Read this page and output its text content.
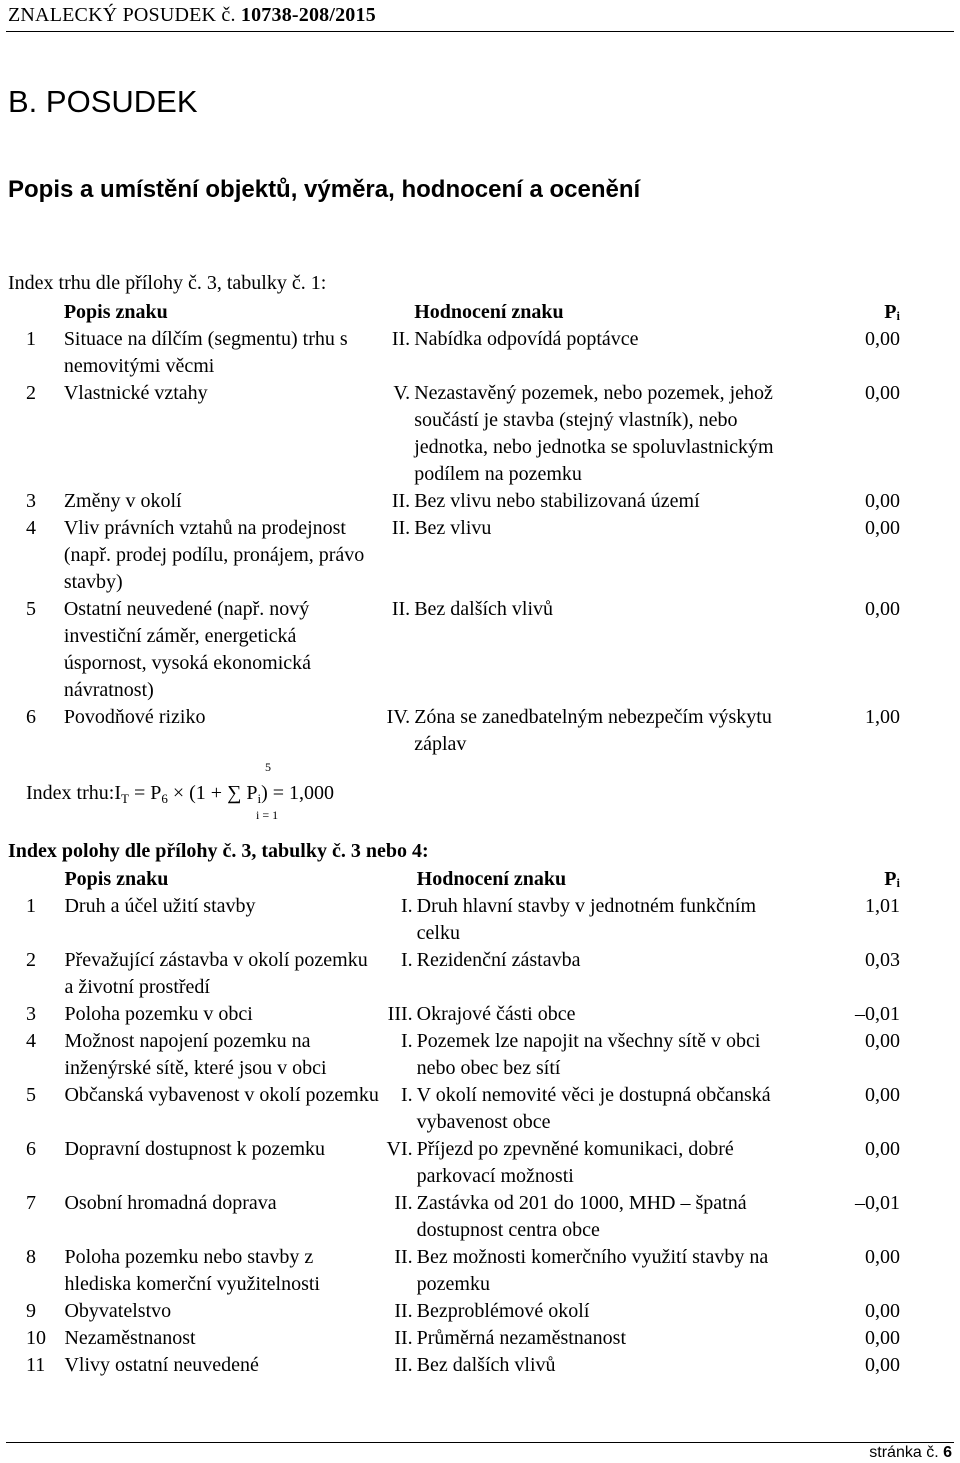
ZNALECKÝ POSUDEK č. 10738-208/2015
B. POSUDEK
Popis a umístění objektů, výměra, hodnocení a ocenění
Index trhu dle přílohy č. 3, tabulky č. 1:
	Popis znaku		Hodnocení znaku	Pᵢ
1	Situace na dílčím (segmentu) trhu s nemovitými věcmi	II.	Nabídka odpovídá poptávce	0,00
2	Vlastnické vztahy	V.	Nezastavěný pozemek, nebo pozemek, jehož součástí je stavba (stejný vlastník), nebo jednotka, nebo jednotka se spoluvlastnickým podílem na pozemku	0,00
3	Změny v okolí	II.	Bez vlivu nebo stabilizovaná území	0,00
4	Vliv právních vztahů na prodejnost (např. prodej podílu, pronájem, právo stavby)	II.	Bez vlivu	0,00
5	Ostatní neuvedené (např. nový investiční záměr, energetická úspornost, vysoká ekonomická návratnost)	II.	Bez dalších vlivů	0,00
6	Povodňové riziko	IV.	Zóna se zanedbatelným nebezpečím výskytu záplav	1,00
Index $trhu:I_T = P_6 \times (1$ + ∑ $P_i) = 1,000$
5
i = 1
Index polohy dle přílohy č. 3, tabulky č. 3 nebo 4:
	Popis znaku		Hodnocení znaku	Pᵢ
1	Druh a účel užití stavby	I.	Druh hlavní stavby v jednotném funkčním celku	1,01
2	Převažující zástavba v okolí pozemku a životní prostředí	I.	Rezidenční zástavba	0,03
3	Poloha pozemku v obci	III.	Okrajové části obce	–0,01
4	Možnost napojení pozemku na inženýrské sítě, které jsou v obci	I.	Pozemek lze napojit na všechny sítě v obci nebo obec bez sítí	0,00
5	Občanská vybavenost v okolí pozemku	I.	V okolí nemovité věci je dostupná občanská vybavenost obce	0,00
6	Dopravní dostupnost k pozemku	VI.	Příjezd po zpevněné komunikaci, dobré parkovací možnosti	0,00
7	Osobní hromadná doprava	II.	Zastávka od 201 do 1000, MHD – špatná dostupnost centra obce	–0,01
8	Poloha pozemku nebo stavby z hlediska komerční využitelnosti	II.	Bez možnosti komerčního využití stavby na pozemku	0,00
9	Obyvatelstvo	II.	Bezproblémové okolí	0,00
10	Nezaměstnanost	II.	Průměrná nezaměstnanost	0,00
11	Vlivy ostatní neuvedené	II.	Bez dalších vlivů	0,00
stránka č. 6
